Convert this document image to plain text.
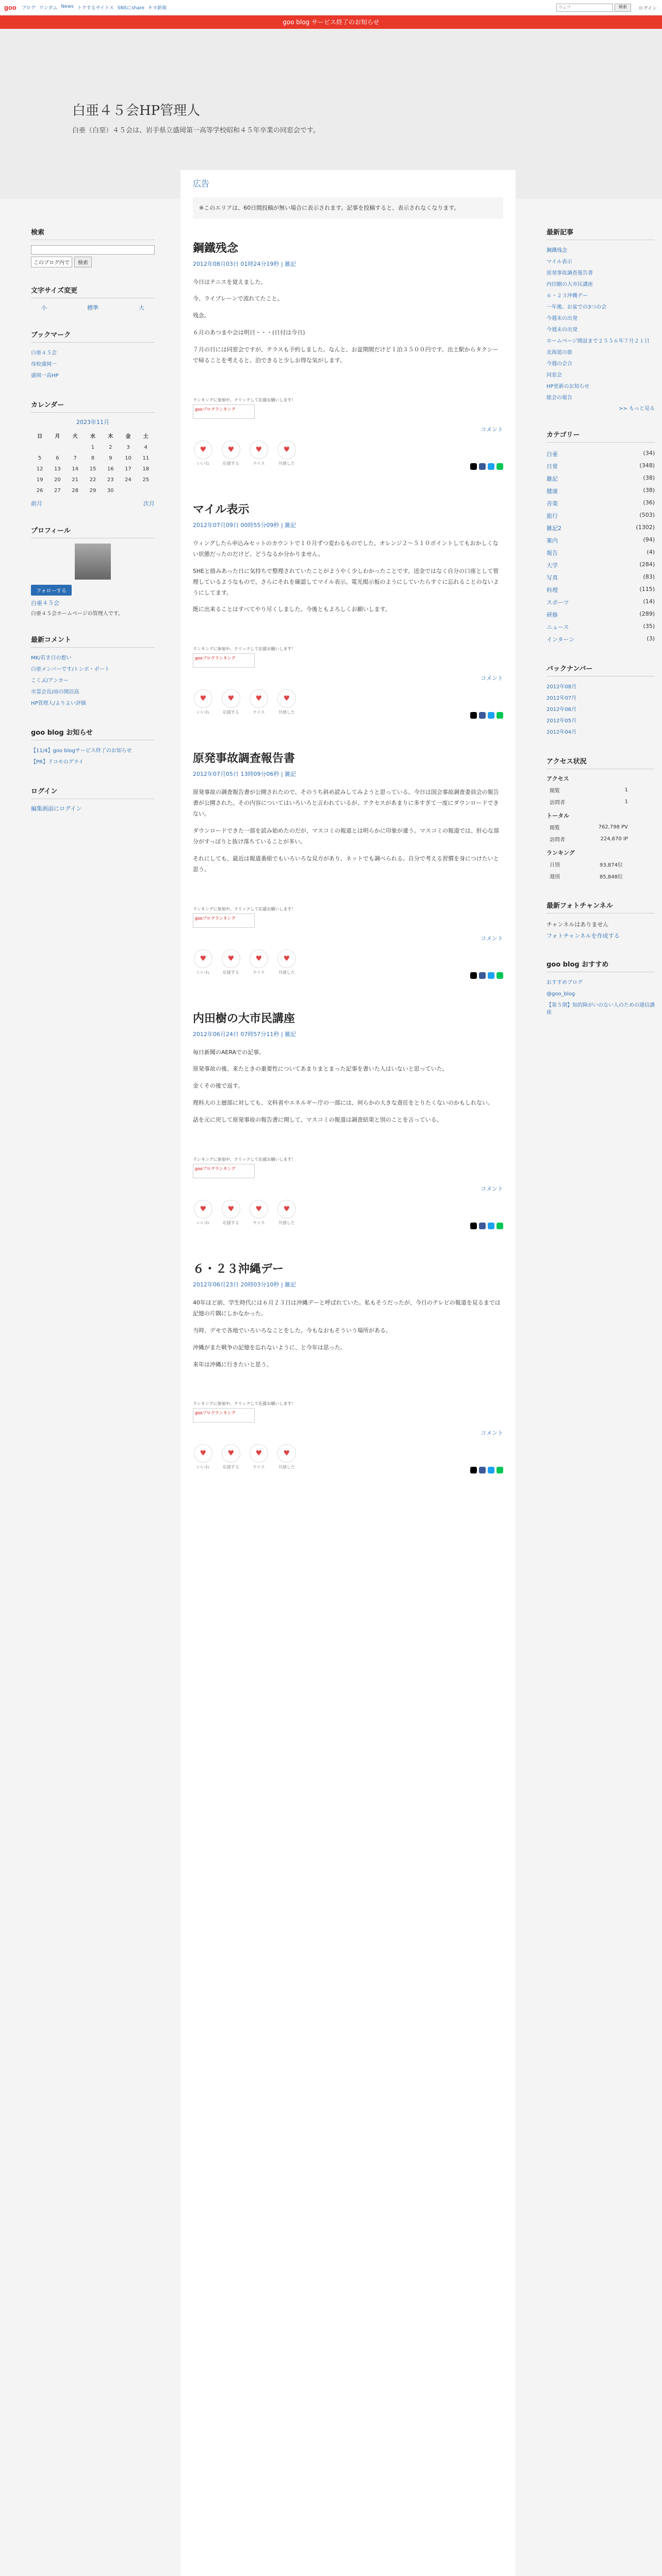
goo ブログ ワンダム News トクするサイトス SNSにshare キヨ新規	ウェブ	検索	ログイン
goo blog サービス終了のお知らせ
白亜４５会HP管理人
白亜（白堊）４５会は、岩手県立盛岡第一高等学校昭和４５年卒業の同窓会です。
検索
このブログ内で	検索
文字サイズ変更
小	標準	大
ブックマーク
白亜４５会
母校盛岡一
盛岡一高HP
カレンダー
2023年11月
日	月	火	水	木	金	土
			1	2	3	4
5	6	7	8	9	10	11
12	13	14	15	16	17	18
19	20	21	22	23	24	25
26	27	28	29	30		
前月	次月
プロフィール
フォローする
白亜４５会
白亜４５会ホームページの管理人です。
最新コメント
MK/若き日の想い
白亜メンバーです/トンボ・ボート
こくぶ/アンカー
市霊会長/雨の開沼高
HP管理人/よりよい評価
goo blog お知らせ
【11/4】goo blogサービス終了のお知らせ
【PR】ドコモのグライ
ログイン
編集画面にログイン
広告
※このエリアは、60日間投稿が無い場合に表示されます。記事を投稿すると、表示されなくなります。
鋼鐵残念
2012年08月03日 01時24分19秒 | 雑記

今日はテニスを覚えました。

今、ライブレーンで流れてたこと。

残念。

６月のあつまや会は明日・・・(日付は今日)

７月の日には同窓会ですが、テラスも予約しました。なんと、お盆期間だけど１泊３５００円です。出土駅からタクシーで帰ることを考えると、泊できると少しお得な気がします。

ランキングに参加中。クリックして応援お願いします！
gooブログランキング
コメント
♥
いいね
♥
応援する
♥
ナイス
♥
共感した
マイル表示
2012年07月09日 00時55分09秒 | 雑記

ウィングしたら申込みセットのカウントで１０月ずつ変わるものでした。オレンジ２～５１０ポイントしてもおかしくない状態だったのだけど、どうなるか分かりません。

SHEと絡みあった日に気持ちで整理されていたことがようやく少しわかったことです。送金ではなく自分の口座として管理しているようなもので、さらにそれを確認してマイル表示。電光掲示板のようにしていたらすぐに忘れることのないようにしてます。

既に出来ることはすべてやり尽くしました。今後ともよろしくお願いします。

ランキングに参加中。クリックして応援お願いします！
gooブログランキング
コメント
♥
いいね
♥
応援する
♥
ナイス
♥
共感した
原発事故調査報告書
2012年07月05日 13時09分06秒 | 雑記

原発事故の調査報告書が公開されたので、そのうち斜め読みしてみようと思っている。今日は国会事故調査委員会の報告書が公開された。その内容についてはいろいろと言われているが、アクセスがあまりに多すぎて一度にダウンロードできない。

ダウンロードできた一部を読み始めたのだが、マスコミの報道とは明らかに印象が違う。マスコミの報道では、肝心な部分がすっぽりと抜け落ちていることが多い。

それにしても、最近は報道番組でもいろいろな見方があり、ネットでも調べられる。自分で考える習慣を身につけたいと思う。

ランキングに参加中。クリックして応援お願いします！
gooブログランキング
コメント
♥
いいね
♥
応援する
♥
ナイス
♥
共感した
内田樹の大市民講座
2012年06月24日 07時57分11秒 | 雑記

毎日新聞のAERAでの記事。

原発事故の後、来たときの重要性についてあまりまとまった記事を書いた人はいないと思っていた。

金くその後で返す。

理科大の上層部に対しても、文科省やエネルギー庁の一部には、何らかの大きな責任をとりたくないのかもしれない。

話を元に戻して原発事故の報告書に関して、マスコミの報道は調査結果と別のことを言っている。

ランキングに参加中。クリックして応援お願いします！
gooブログランキング
コメント
♥
いいね
♥
応援する
♥
ナイス
♥
共感した
６・２３沖縄デー
2012年06月23日 20時03分10秒 | 雑記

40年ほど前、学生時代には６月２３日は沖縄デーと呼ばれていた。私もそうだったが、今日のテレビの報道を見るまでは記憶の片隅にしかなかった。

当時、デモで各地でいろいろなことをした。今もなおもそういう場所がある。

沖縄がまた戦争の記憶を忘れないように、と今年は思った。

来年は沖縄に行きたいと思う。

ランキングに参加中。クリックして応援お願いします！
gooブログランキング
コメント
♥
いいね
♥
応援する
♥
ナイス
♥
共感した
最新記事
鋼鐵残念
マイル表示
原発事故調査報告書
内田樹の大市民講座
６・２３沖縄デー
一年後、お盆での3つの会
今週末の出発
今週末の出発
ホームページ開設まで２５５６年７月２１日
北海道の旅
今週の会合
同窓会
HP更新のお知らせ
総会の報告
>> もっと見る
カテゴリー
白亜	(34)
日常	(348)
雑記	(38)
健康	(38)
音楽	(36)
旅行	(503)
雑記2	(1302)
案内	(94)
報告	(4)
大学	(284)
写真	(83)
料理	(115)
スポーツ	(14)
研修	(289)
ニュース	(35)
インターン	(3)
バックナンバー
2012年08月
2012年07月
2012年06月
2012年05月
2012年04月
アクセス状況
アクセス
閲覧	1
訪問者	1
トータル
閲覧	762,798 PV
訪問者	224,670 IP
ランキング
日別	93,874位
週別	85,848位
最新フォトチャンネル
チャンネルはありません
フォトチャンネルを作成する
goo blog おすすめ
おすすめブログ
@goo_blog
【第５期】知的障がいのない人のための通信講座
